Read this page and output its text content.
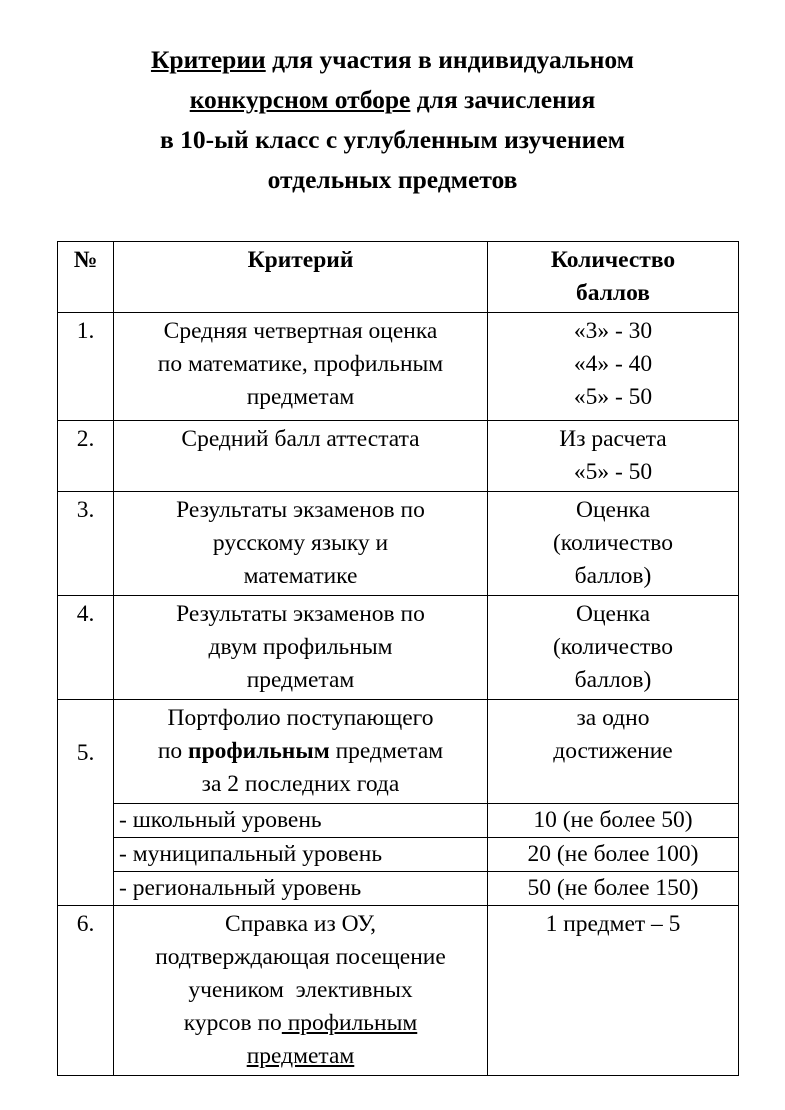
Критерии для участия в индивидуальном
конкурсном отборе для зачисления
в 10-ый класс с углубленным изучением
отдельных предметов
№	Критерий	Количество
баллов

1.	Средняя четвертная оценка
по математике, профильным
предметам	«3» - 30
«4» - 40
«5» - 50

2.	Средний балл аттестата	Из расчета
«5» - 50

3.	Результаты экзаменов по
русскому языку и
математике	Оценка
(количество
баллов)

4.	Результаты экзаменов по
двум профильным
предметам	Оценка
(количество
баллов)

5.	Портфолио поступающего
по профильным предметам
за 2 последних года	за одно
достижение

	- школьный уровень	10 (не более 50)
	- муниципальный уровень	20 (не более 100)
	- региональный уровень	50 (не более 150)
6.	Справка из ОУ,
подтверждающая посещение
учеником  элективных
курсов по профильным
предметам	1 предмет – 5
